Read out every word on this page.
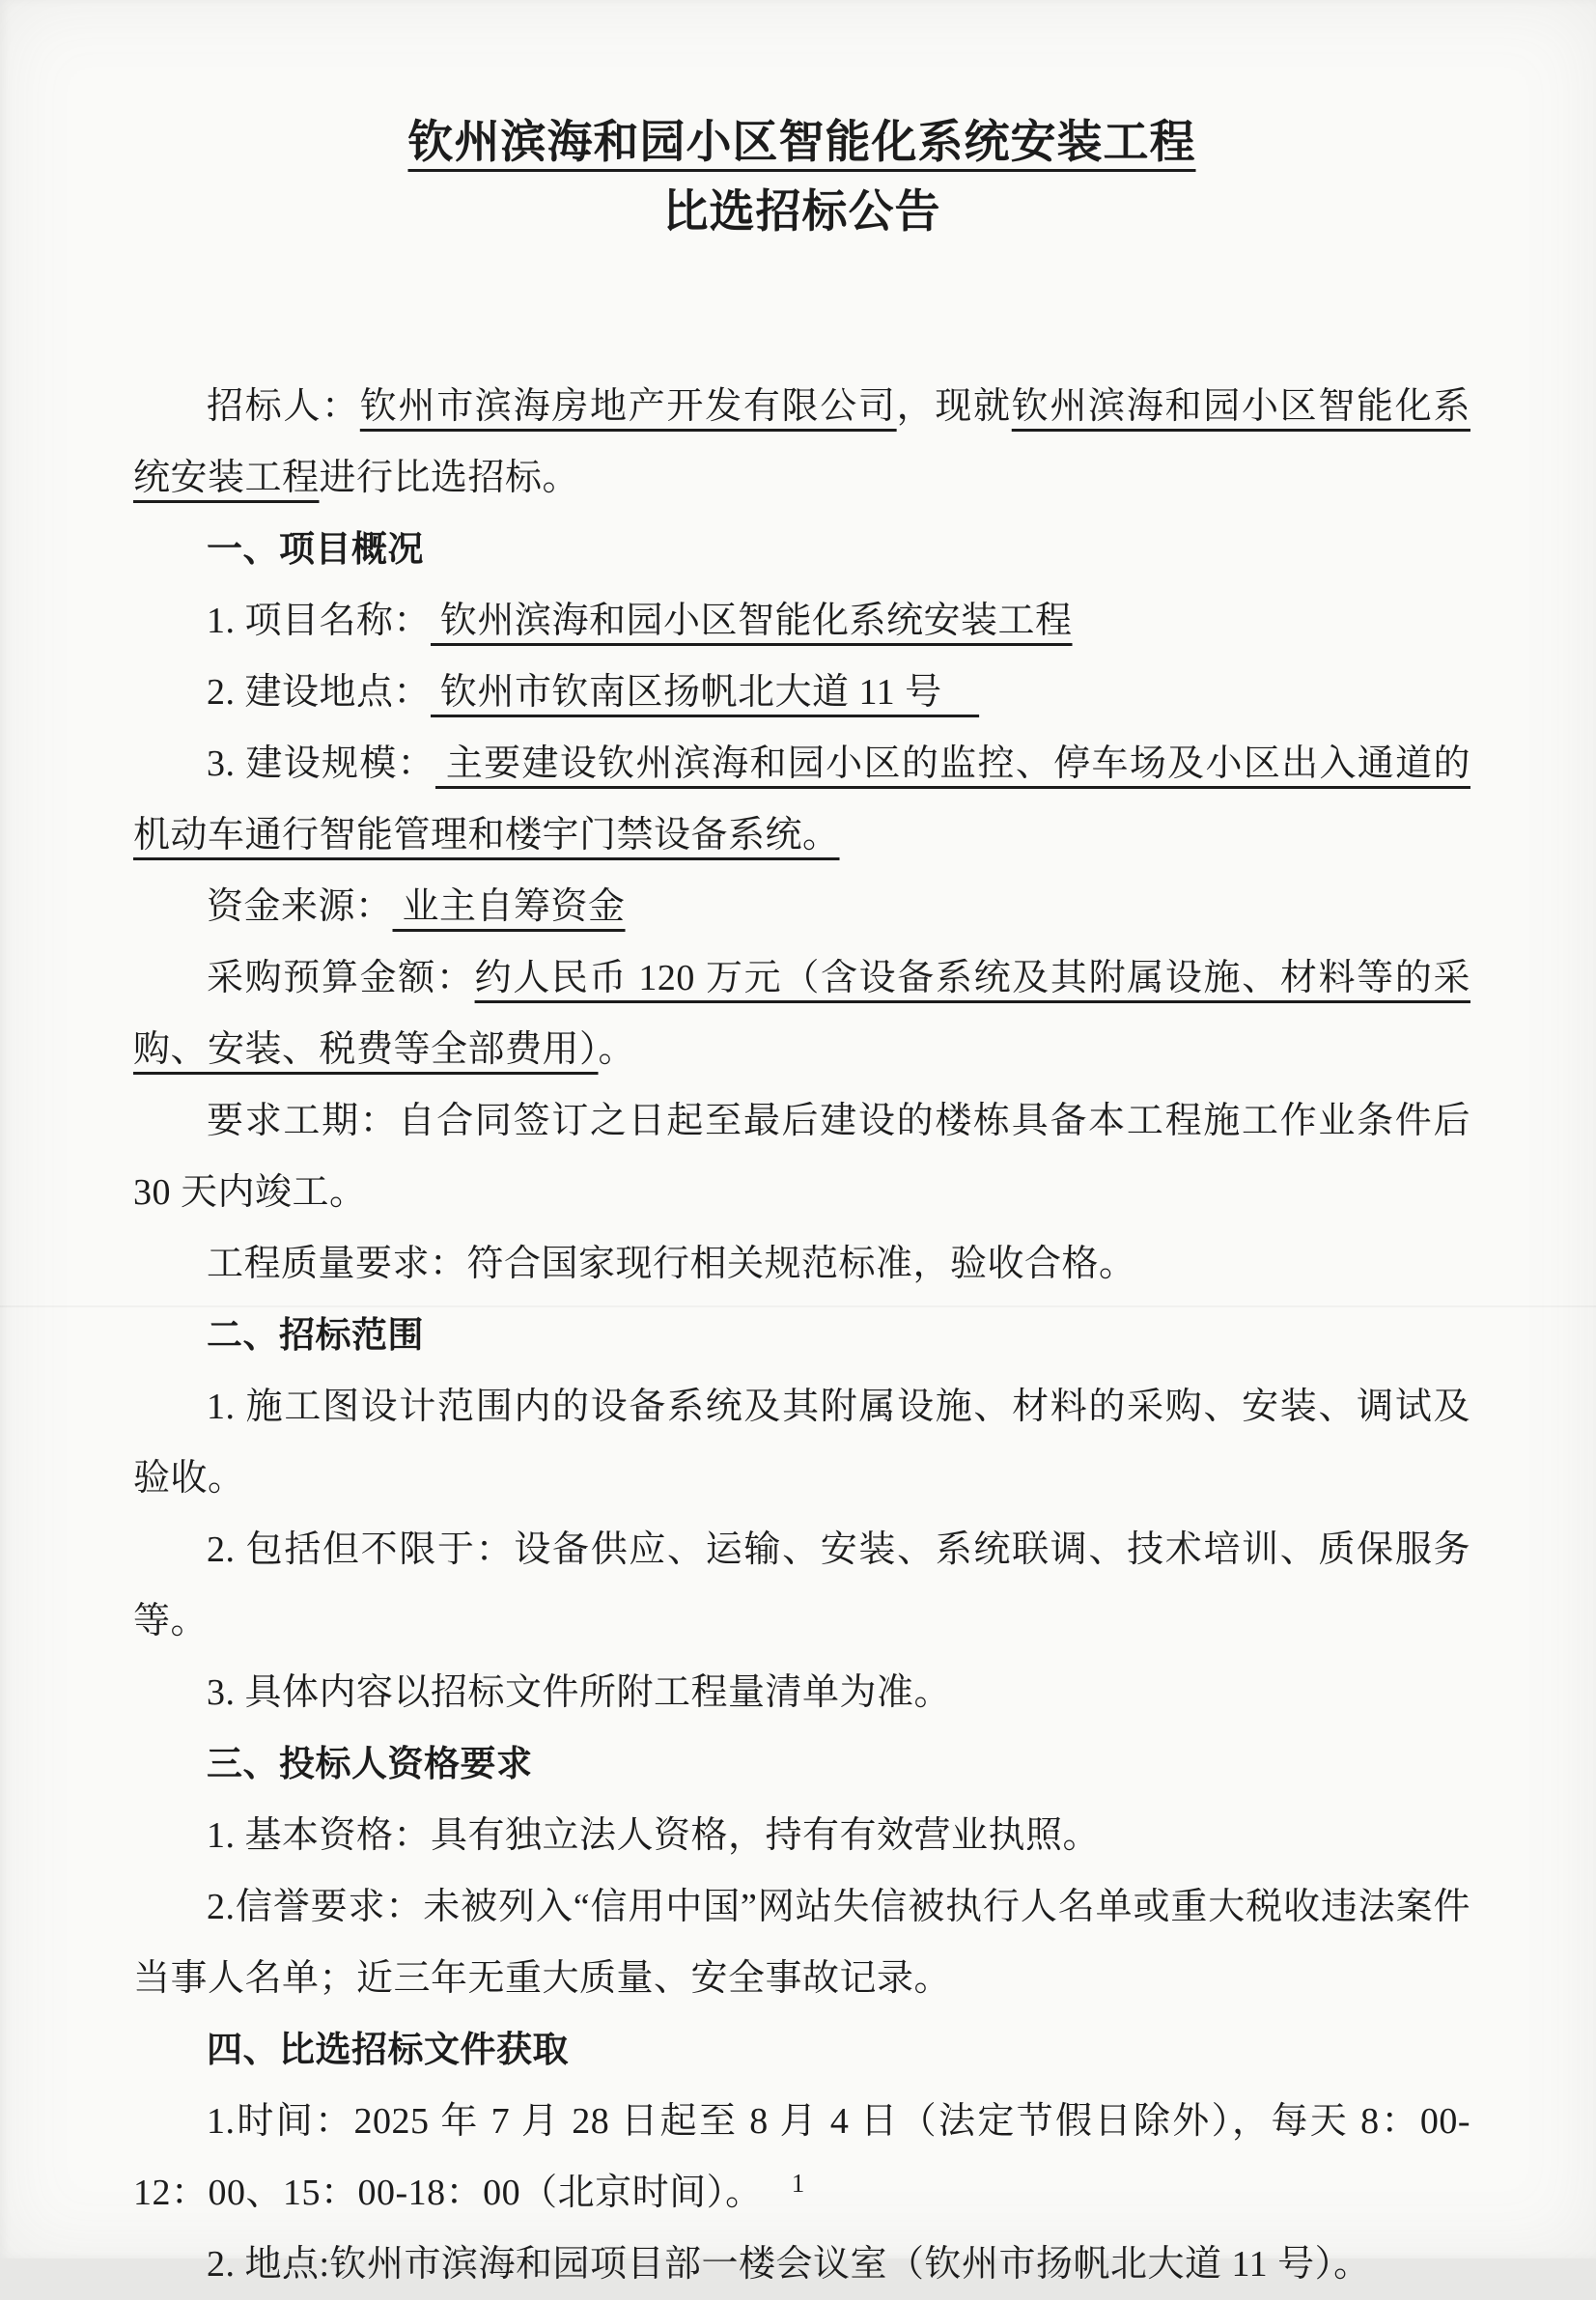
钦州滨海和园小区智能化系统安装工程
比选招标公告

招标人：钦州市滨海房地产开发有限公司，现就钦州滨海和园小区智能化系统安装工程进行比选招标。

一、项目概况

1. 项目名称： 钦州滨海和园小区智能化系统安装工程

2. 建设地点： 钦州市钦南区扬帆北大道 11 号　

3. 建设规模： 主要建设钦州滨海和园小区的监控、停车场及小区出入通道的机动车通行智能管理和楼宇门禁设备系统。

资金来源： 业主自筹资金

采购预算金额：约人民币 120 万元（含设备系统及其附属设施、材料等的采购、安装、税费等全部费用）。

要求工期：自合同签订之日起至最后建设的楼栋具备本工程施工作业条件后 30 天内竣工。

工程质量要求：符合国家现行相关规范标准，验收合格。

二、招标范围

1. 施工图设计范围内的设备系统及其附属设施、材料的采购、安装、调试及验收。

2. 包括但不限于：设备供应、运输、安装、系统联调、技术培训、质保服务等。

3. 具体内容以招标文件所附工程量清单为准。

三、投标人资格要求

1. 基本资格：具有独立法人资格，持有有效营业执照。

2.信誉要求：未被列入“信用中国”网站失信被执行人名单或重大税收违法案件当事人名单；近三年无重大质量、安全事故记录。

四、比选招标文件获取

1.时间：2025 年 7 月 28 日起至 8 月 4 日（法定节假日除外），每天 8：00-12：00、15：00-18：00（北京时间）。

2. 地点:钦州市滨海和园项目部一楼会议室（钦州市扬帆北大道 11 号）。

1
